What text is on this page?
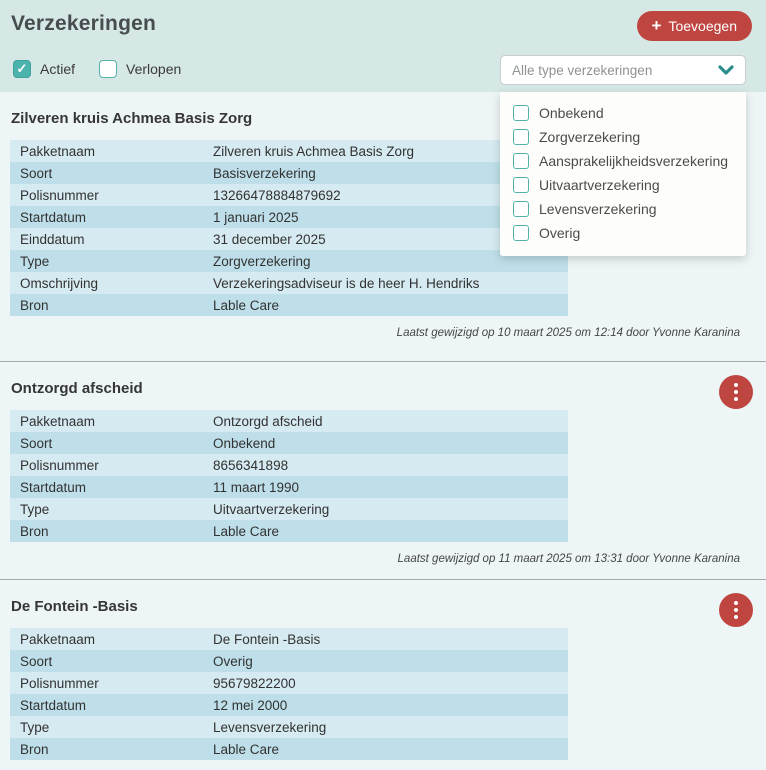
Verzekeringen	+ Toevoegen
✓ Actief	Verlopen	Alle type verzekeringen
Zilveren kruis Achmea Basis Zorg
Pakketnaam	Zilveren kruis Achmea Basis Zorg
Soort	Basisverzekering
Polisnummer	13266478884879692
Startdatum	1 januari 2025
Einddatum	31 december 2025
Type	Zorgverzekering
Omschrijving	Verzekeringsadviseur is de heer H. Hendriks
Bron	Lable Care
Laatst gewijzigd op 10 maart 2025 om 12:14 door Yvonne Karanina
Ontzorgd afscheid
Pakketnaam	Ontzorgd afscheid
Soort	Onbekend
Polisnummer	8656341898
Startdatum	11 maart 1990
Type	Uitvaartverzekering
Bron	Lable Care
Laatst gewijzigd op 11 maart 2025 om 13:31 door Yvonne Karanina
De Fontein -Basis
Pakketnaam	De Fontein -Basis
Soort	Overig
Polisnummer	95679822200
Startdatum	12 mei 2000
Type	Levensverzekering
Bron	Lable Care
Onbekend
Zorgverzekering
Aansprakelijkheidsverzekering
Uitvaartverzekering
Levensverzekering
Overig
